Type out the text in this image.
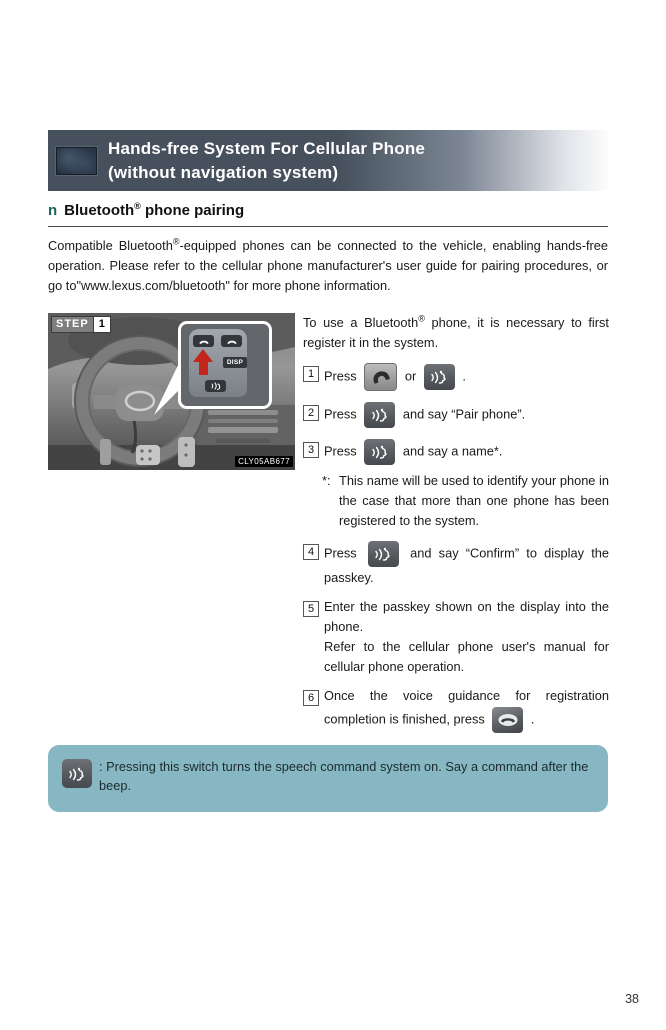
Hands-free System For Cellular Phone
(without navigation system)
n Bluetooth® phone pairing
Compatible Bluetooth®-equipped phones can be connected to the vehicle, enabling hands-free operation. Please refer to the cellular phone manufacturer's user guide for pairing procedures, or go to"www.lexus.com/bluetooth" for more phone information.
DISP
STEP 1
CLY05AB677
To use a Bluetooth® phone, it is necessary to first register it in the system.
1 Press	or	.
2 Press	and say “Pair phone”.
3 Press	and say a name*.
*: This name will be used to identify your phone in the case that more than one phone has been registered to the system.
4 Press	and say “Confirm” to display the passkey.
5 Enter the passkey shown on the display into the phone.
Refer to the cellular phone user's manual for cellular phone operation.
6 Once the voice guidance for registration completion is finished, press	.
: Pressing this switch turns the speech command system on. Say a command after the beep.
38
